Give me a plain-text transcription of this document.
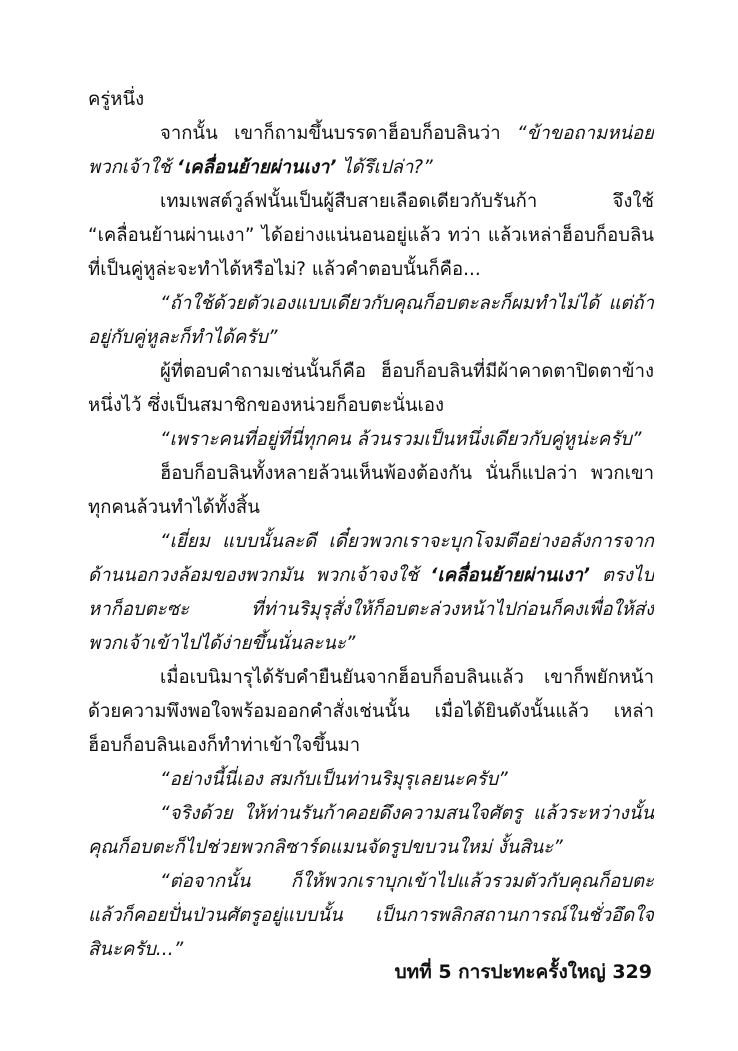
ครู่หนึ่ง
จากนั้น เขาก็ถามขึ้นบรรดาฮ็อบก็อบลินว่า “ข้าขอถามหน่อย
พวกเจ้าใช้ ‘เคลื่อนย้ายผ่านเงา’ ได้รึเปล่า?”
เทมเพสต์วูล์ฟนั้นเป็นผู้สืบสายเลือดเดียวกับรันก้า จึงใช้
“เคลื่อนย้านผ่านเงา” ได้อย่างแน่นอนอยู่แล้ว ทว่า แล้วเหล่าฮ็อบก็อบลิน
ที่เป็นคู่หูล่ะจะทำได้หรือไม่? แล้วคำตอบนั้นก็คือ...
“ถ้าใช้ด้วยตัวเองแบบเดียวกับคุณก็อบตะละก็ผมทำไม่ได้ แต่ถ้า
อยู่กับคู่หูละก็ทำได้ครับ”
ผู้ที่ตอบคำถามเช่นนั้นก็คือ ฮ็อบก็อบลินที่มีผ้าคาดตาปิดตาข้าง
หนึ่งไว้ ซึ่งเป็นสมาชิกของหน่วยก็อบตะนั่นเอง
“เพราะคนที่อยู่ที่นี่ทุกคน ล้วนรวมเป็นหนึ่งเดียวกับคู่หูน่ะครับ”
ฮ็อบก็อบลินทั้งหลายล้วนเห็นพ้องต้องกัน นั่นก็แปลว่า พวกเขา
ทุกคนล้วนทำได้ทั้งสิ้น
“เยี่ยม แบบนั้นละดี เดี๋ยวพวกเราจะบุกโจมตีอย่างอลังการจาก
ด้านนอกวงล้อมของพวกมัน พวกเจ้าจงใช้ ‘เคลื่อนย้ายผ่านเงา’ ตรงไป
หาก็อบตะซะ ที่ท่านริมุรุสั่งให้ก็อบตะล่วงหน้าไปก่อนก็คงเพื่อให้ส่ง
พวกเจ้าเข้าไปได้ง่ายขึ้นนั่นละนะ”
เมื่อเบนิมารุได้รับคำยืนยันจากฮ็อบก็อบลินแล้ว เขาก็พยักหน้า
ด้วยความพึงพอใจพร้อมออกคำสั่งเช่นนั้น เมื่อได้ยินดังนั้นแล้ว เหล่า
ฮ็อบก็อบลินเองก็ทำท่าเข้าใจขึ้นมา
“อย่างนี้นี่เอง สมกับเป็นท่านริมุรุเลยนะครับ”
“จริงด้วย ให้ท่านรันก้าคอยดึงความสนใจศัตรู แล้วระหว่างนั้น
คุณก็อบตะก็ไปช่วยพวกลิซาร์ดแมนจัดรูปขบวนใหม่ งั้นสินะ”
“ต่อจากนั้น ก็ให้พวกเราบุกเข้าไปแล้วรวมตัวกับคุณก็อบตะ
แล้วก็คอยปั่นป่วนศัตรูอยู่แบบนั้น เป็นการพลิกสถานการณ์ในชั่วอึดใจ
สินะครับ...”
บทที่ 5 การปะทะครั้งใหญ่ 329
